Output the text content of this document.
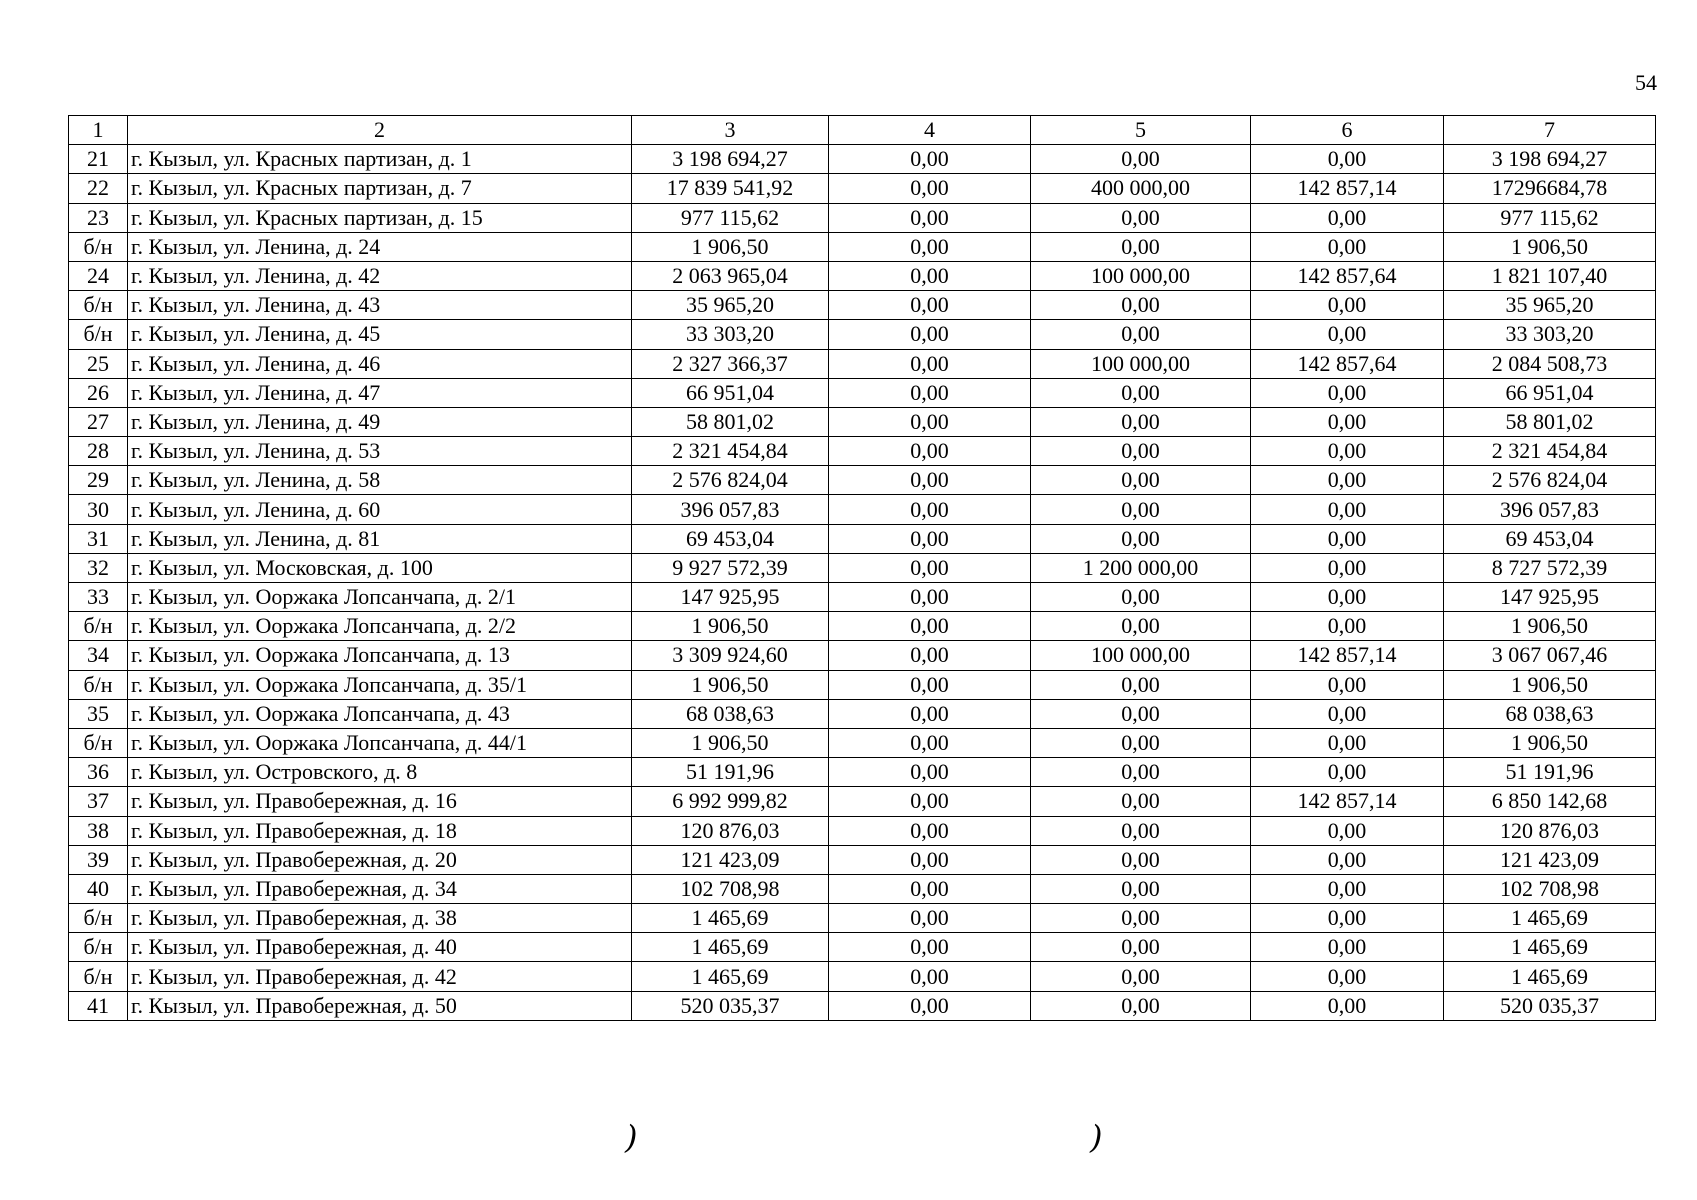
54
1	2	3	4	5	6	7
21	г. Кызыл, ул. Красных партизан, д. 1	3 198 694,27	0,00	0,00	0,00	3 198 694,27
22	г. Кызыл, ул. Красных партизан, д. 7	17 839 541,92	0,00	400 000,00	142 857,14	17296684,78
23	г. Кызыл, ул. Красных партизан, д. 15	977 115,62	0,00	0,00	0,00	977 115,62
б/н	г. Кызыл, ул. Ленина, д. 24	1 906,50	0,00	0,00	0,00	1 906,50
24	г. Кызыл, ул. Ленина, д. 42	2 063 965,04	0,00	100 000,00	142 857,64	1 821 107,40
б/н	г. Кызыл, ул. Ленина, д. 43	35 965,20	0,00	0,00	0,00	35 965,20
б/н	г. Кызыл, ул. Ленина, д. 45	33 303,20	0,00	0,00	0,00	33 303,20
25	г. Кызыл, ул. Ленина, д. 46	2 327 366,37	0,00	100 000,00	142 857,64	2 084 508,73
26	г. Кызыл, ул. Ленина, д. 47	66 951,04	0,00	0,00	0,00	66 951,04
27	г. Кызыл, ул. Ленина, д. 49	58 801,02	0,00	0,00	0,00	58 801,02
28	г. Кызыл, ул. Ленина, д. 53	2 321 454,84	0,00	0,00	0,00	2 321 454,84
29	г. Кызыл, ул. Ленина, д. 58	2 576 824,04	0,00	0,00	0,00	2 576 824,04
30	г. Кызыл, ул. Ленина, д. 60	396 057,83	0,00	0,00	0,00	396 057,83
31	г. Кызыл, ул. Ленина, д. 81	69 453,04	0,00	0,00	0,00	69 453,04
32	г. Кызыл, ул. Московская, д. 100	9 927 572,39	0,00	1 200 000,00	0,00	8 727 572,39
33	г. Кызыл, ул. Ооржака Лопсанчапа, д. 2/1	147 925,95	0,00	0,00	0,00	147 925,95
б/н	г. Кызыл, ул. Ооржака Лопсанчапа, д. 2/2	1 906,50	0,00	0,00	0,00	1 906,50
34	г. Кызыл, ул. Ооржака Лопсанчапа, д. 13	3 309 924,60	0,00	100 000,00	142 857,14	3 067 067,46
б/н	г. Кызыл, ул. Ооржака Лопсанчапа, д. 35/1	1 906,50	0,00	0,00	0,00	1 906,50
35	г. Кызыл, ул. Ооржака Лопсанчапа, д. 43	68 038,63	0,00	0,00	0,00	68 038,63
б/н	г. Кызыл, ул. Ооржака Лопсанчапа, д. 44/1	1 906,50	0,00	0,00	0,00	1 906,50
36	г. Кызыл, ул. Островского, д. 8	51 191,96	0,00	0,00	0,00	51 191,96
37	г. Кызыл, ул. Правобережная, д. 16	6 992 999,82	0,00	0,00	142 857,14	6 850 142,68
38	г. Кызыл, ул. Правобережная, д. 18	120 876,03	0,00	0,00	0,00	120 876,03
39	г. Кызыл, ул. Правобережная, д. 20	121 423,09	0,00	0,00	0,00	121 423,09
40	г. Кызыл, ул. Правобережная, д. 34	102 708,98	0,00	0,00	0,00	102 708,98
б/н	г. Кызыл, ул. Правобережная, д. 38	1 465,69	0,00	0,00	0,00	1 465,69
б/н	г. Кызыл, ул. Правобережная, д. 40	1 465,69	0,00	0,00	0,00	1 465,69
б/н	г. Кызыл, ул. Правобережная, д. 42	1 465,69	0,00	0,00	0,00	1 465,69
41	г. Кызыл, ул. Правобережная, д. 50	520 035,37	0,00	0,00	0,00	520 035,37
)	)
